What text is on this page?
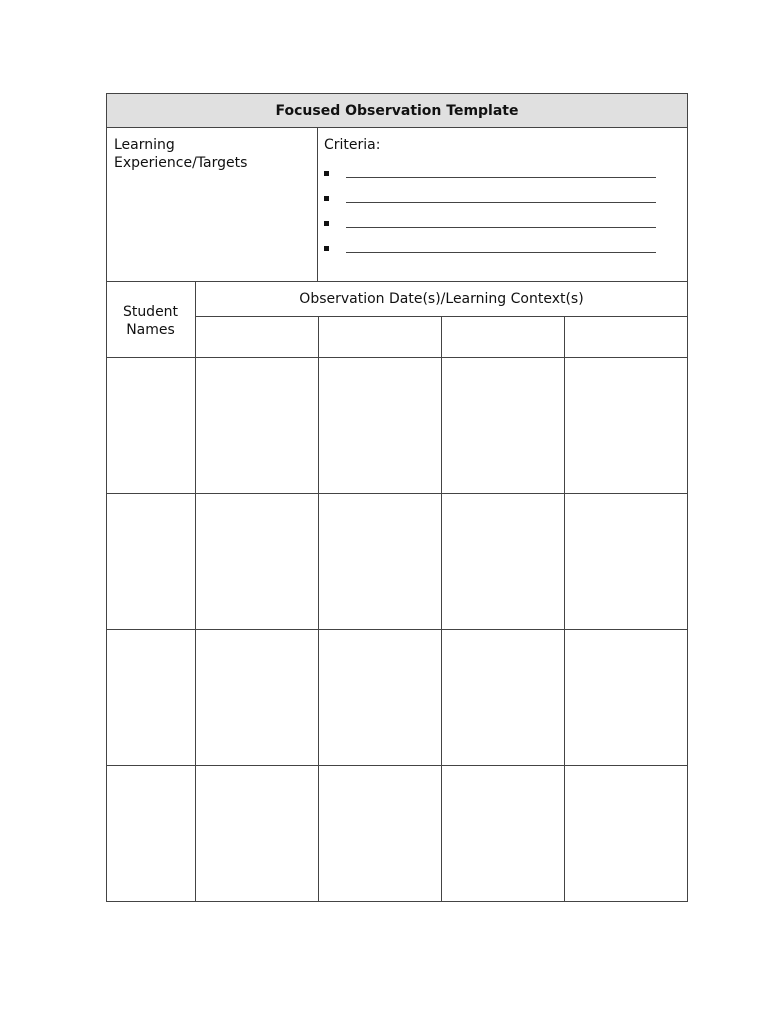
Focused Observation Template
Learning
Experience/Targets
Criteria:
Student
Names
Observation Date(s)/Learning Context(s)
